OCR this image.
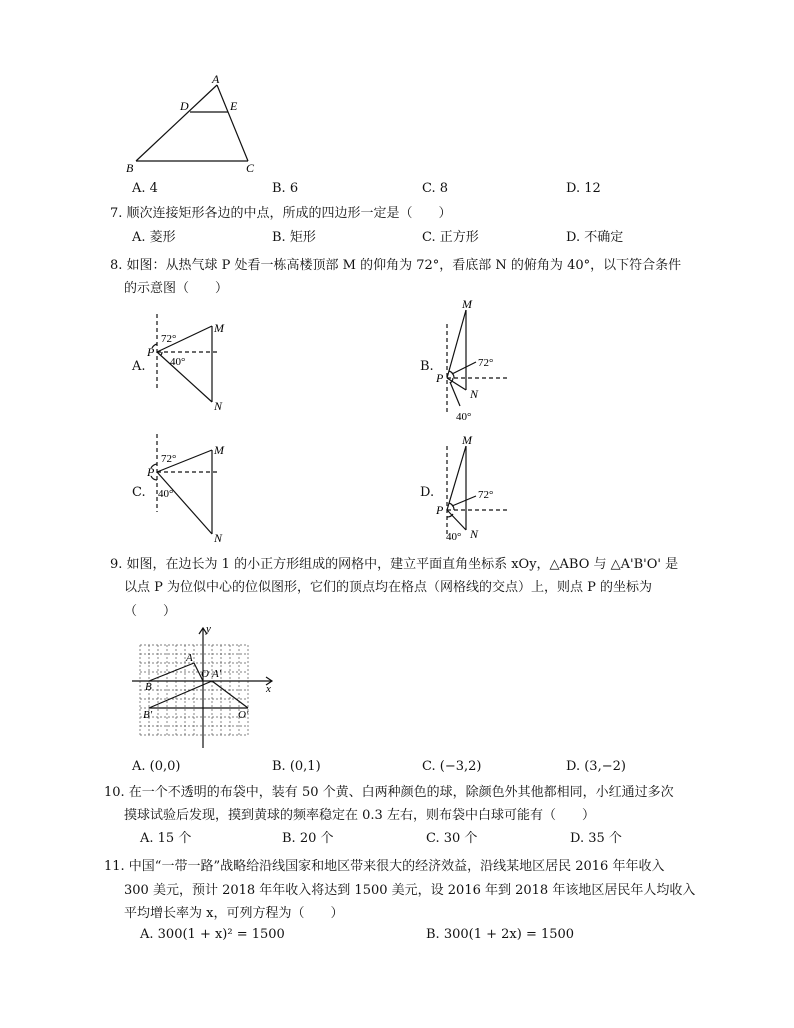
A
D	E
B	C
A. 4	B. 6	C. 8	D. 12
7. 顺次连接矩形各边的中点，所成的四边形一定是（　　）
A. 菱形	B. 矩形	C. 正方形	D. 不确定
8. 如图：从热气球 P 处看一栋高楼顶部 M 的仰角为 72°，看底部 N 的俯角为 40°，以下符合条件
的示意图（　　）
A.
72°
40°
P
M
N
B.	72°
40°
P
M
N
C.
72°
40°
P
M
N
D.	72°
40°
P
M
N
9. 如图，在边长为 1 的小正方形组成的网格中，建立平面直角坐标系 xOy，△ABO 与 △A'B'O' 是
以点 P 为位似中心的位似图形，它们的顶点均在格点（网格线的交点）上，则点 P 的坐标为
（　　）
y
x
A
B
O A'
B'	O'
A. (0,0)	B. (0,1)	C. (−3,2)	D. (3,−2)
10. 在一个不透明的布袋中，装有 50 个黄、白两种颜色的球，除颜色外其他都相同，小红通过多次
摸球试验后发现，摸到黄球的频率稳定在 0.3 左右，则布袋中白球可能有（　　）
A. 15 个	B. 20 个	C. 30 个	D. 35 个
11. 中国“一带一路”战略给沿线国家和地区带来很大的经济效益，沿线某地区居民 2016 年年收入
300 美元，预计 2018 年年收入将达到 1500 美元，设 2016 年到 2018 年该地区居民年人均收入
平均增长率为 x，可列方程为（　　）
A. 300(1 + x)² = 1500	B. 300(1 + 2x) = 1500
